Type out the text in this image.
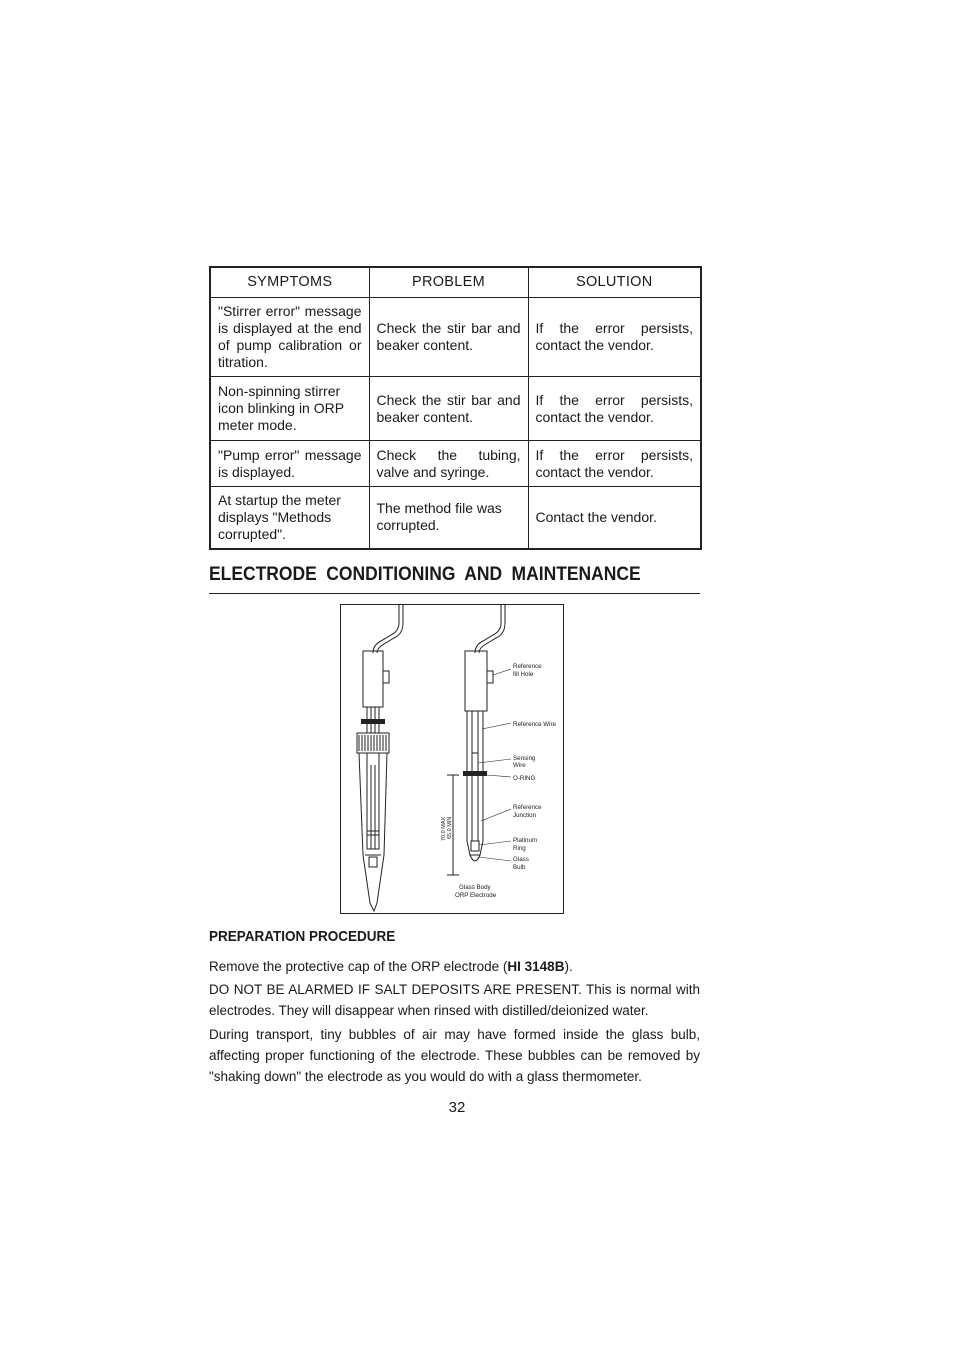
SYMPTOMS	PROBLEM	SOLUTION
"Stirrer error" message is displayed at the end of pump calibration or titration.	Check the stir bar and beaker content.	If the error persists, contact the vendor.
Non-spinning stirrer icon blinking in ORP meter mode.	Check the stir bar and beaker content.	If the error persists, contact the vendor.
"Pump error" message is displayed.	Check the tubing, valve and syringe.	If the error persists, contact the vendor.
At startup the meter displays "Methods corrupted".	The method file was corrupted.	Contact the vendor.
ELECTRODE CONDITIONING AND MAINTENANCE
Reference
fill Hole
Reference Wire
Sensing
Wire
O-RING
Reference
Junction
Platinum
Ring
Glass
Bulb
Glass Body
ORP Electrode
70.0 MAX 65.0 MIN
PREPARATION PROCEDURE

Remove the protective cap of the ORP electrode (HI 3148B).

DO NOT BE ALARMED IF SALT DEPOSITS ARE PRESENT. This is normal with electrodes. They will disappear when rinsed with distilled/deionized water.

During transport, tiny bubbles of air may have formed inside the glass bulb, affecting proper functioning of the electrode. These bubbles can be removed by "shaking down" the electrode as you would do with a glass thermometer.

32
